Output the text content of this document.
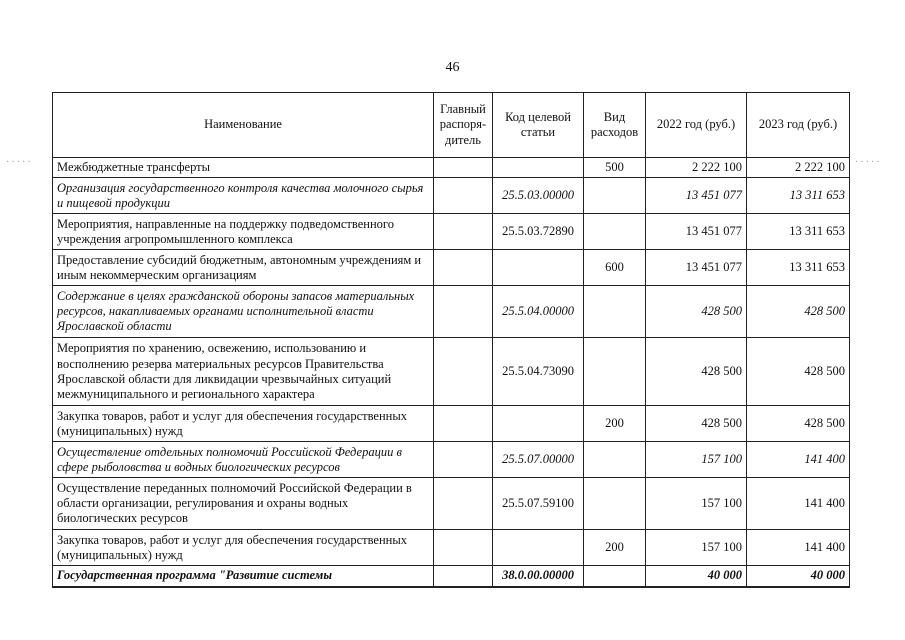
46
·····	·····
Наименование	Главный распоря-дитель	Код целевой статьи	Вид расходов	2022 год (руб.)	2023 год (руб.)
Межбюджетные трансферты			500	2 222 100	2 222 100
Организация государственного контроля качества молочного сырья и пищевой продукции		25.5.03.00000		13 451 077	13 311 653
Мероприятия, направленные на поддержку подведомственного учреждения агропромышленного комплекса		25.5.03.72890		13 451 077	13 311 653
Предоставление субсидий бюджетным, автономным учреждениям и иным некоммерческим организациям			600	13 451 077	13 311 653
Содержание в целях гражданской обороны запасов материальных ресурсов, накапливаемых органами исполнительной власти Ярославской области		25.5.04.00000		428 500	428 500
Мероприятия по хранению, освежению, использованию и восполнению резерва материальных ресурсов Правительства Ярославской области для ликвидации чрезвычайных ситуаций межмуниципального и регионального характера		25.5.04.73090		428 500	428 500
Закупка товаров, работ и услуг для обеспечения государственных (муниципальных) нужд			200	428 500	428 500
Осуществление отдельных полномочий Российской Федерации в сфере рыболовства и водных биологических ресурсов		25.5.07.00000		157 100	141 400
Осуществление переданных полномочий Российской Федерации в области организации, регулирования и охраны водных биологических ресурсов		25.5.07.59100		157 100	141 400
Закупка товаров, работ и услуг для обеспечения государственных (муниципальных) нужд			200	157 100	141 400
Государственная программа "Развитие системы		38.0.00.00000		40 000	40 000
